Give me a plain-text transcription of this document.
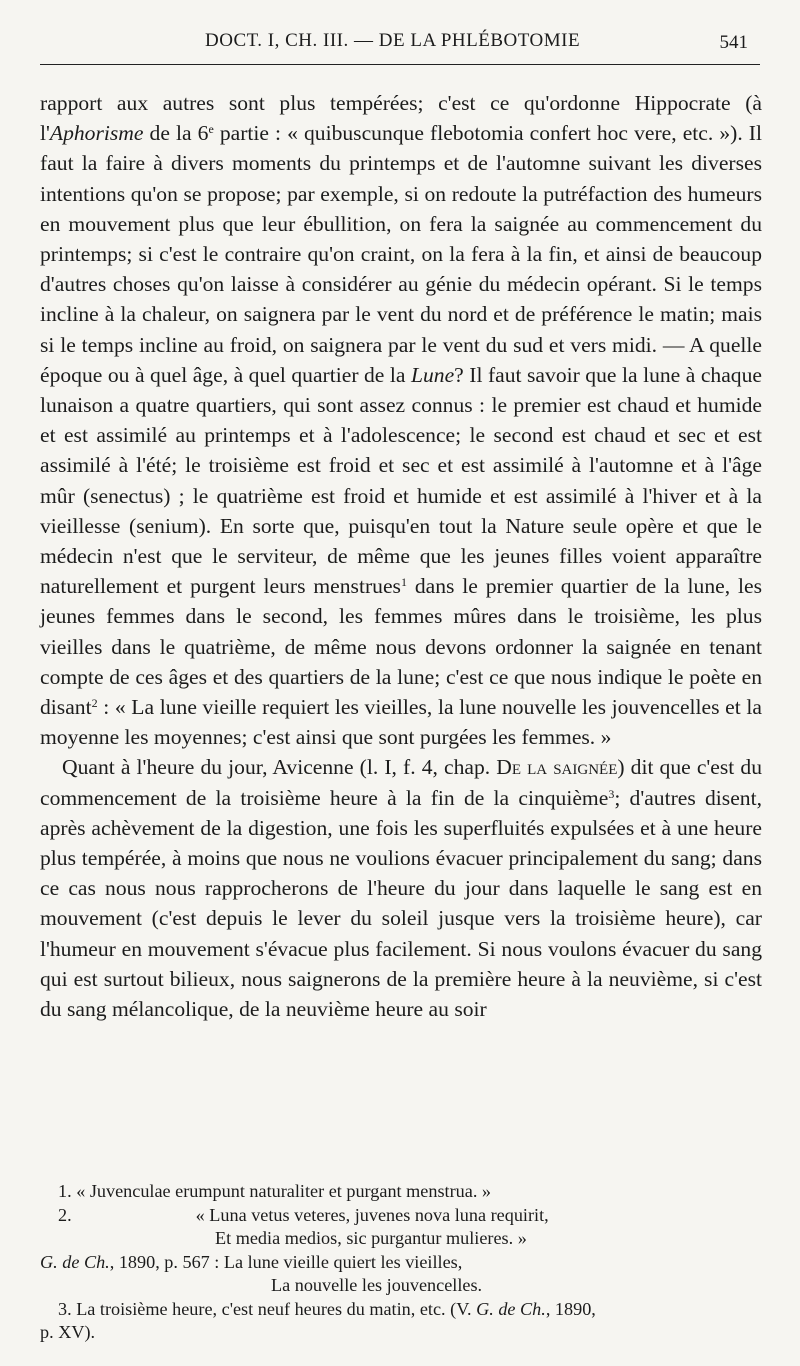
DOCT. I, CH. III. — DE LA PHLÉBOTOMIE	541

rapport aux autres sont plus tempérées; c'est ce qu'ordonne Hippocrate (à l'Aphorisme de la 6e partie : « quibuscunque flebotomia confert hoc vere, etc. »). Il faut la faire à divers moments du printemps et de l'automne suivant les diverses intentions qu'on se propose; par exemple, si on redoute la putréfaction des humeurs en mouvement plus que leur ébullition, on fera la saignée au commencement du printemps; si c'est le contraire qu'on craint, on la fera à la fin, et ainsi de beaucoup d'autres choses qu'on laisse à considérer au génie du médecin opérant. Si le temps incline à la chaleur, on saignera par le vent du nord et de préférence le matin; mais si le temps incline au froid, on saignera par le vent du sud et vers midi. — A quelle époque ou à quel âge, à quel quartier de la Lune? Il faut savoir que la lune à chaque lunaison a quatre quartiers, qui sont assez connus : le premier est chaud et humide et est assimilé au printemps et à l'adolescence; le second est chaud et sec et est assimilé à l'été; le troisième est froid et sec et est assimilé à l'automne et à l'âge mûr (senectus) ; le quatrième est froid et humide et est assimilé à l'hiver et à la vieillesse (senium). En sorte que, puisqu'en tout la Nature seule opère et que le médecin n'est que le serviteur, de même que les jeunes filles voient apparaître naturellement et purgent leurs menstrues$^1$ dans le premier quartier de la lune, les jeunes femmes dans le second, les femmes mûres dans le troisième, les plus vieilles dans le quatrième, de même nous devons ordonner la saignée en tenant compte de ces âges et des quartiers de la lune; c'est ce que nous indique le poète en disant$^2$ : « La lune vieille requiert les vieilles, la lune nouvelle les jouvencelles et la moyenne les moyennes; c'est ainsi que sont purgées les femmes. »

Quant à l'heure du jour, Avicenne (l. I, f. 4, chap. De la saignée) dit que c'est du commencement de la troisième heure à la fin de la cinquième$^3$; d'autres disent, après achèvement de la digestion, une fois les superfluités expulsées et à une heure plus tempérée, à moins que nous ne voulions évacuer principalement du sang; dans ce cas nous nous rapprocherons de l'heure du jour dans laquelle le sang est en mouvement (c'est depuis le lever du soleil jusque vers la troisième heure), car l'humeur en mouvement s'évacue plus facilement. Si nous voulons évacuer du sang qui est surtout bilieux, nous saignerons de la première heure à la neuvième, si c'est du sang mélancolique, de la neuvième heure au soir

1. « Juvenculae erumpunt naturaliter et purgant menstrua. »

2.	« Luna vetus veteres, juvenes nova luna requirit,
Et media medios, sic purgantur mulieres. »

G. de Ch., 1890, p. 567 : La lune vieille quiert les vieilles,
La nouvelle les jouvencelles.

3. La troisième heure, c'est neuf heures du matin, etc. (V. G. de Ch., 1890,
p. XV).
